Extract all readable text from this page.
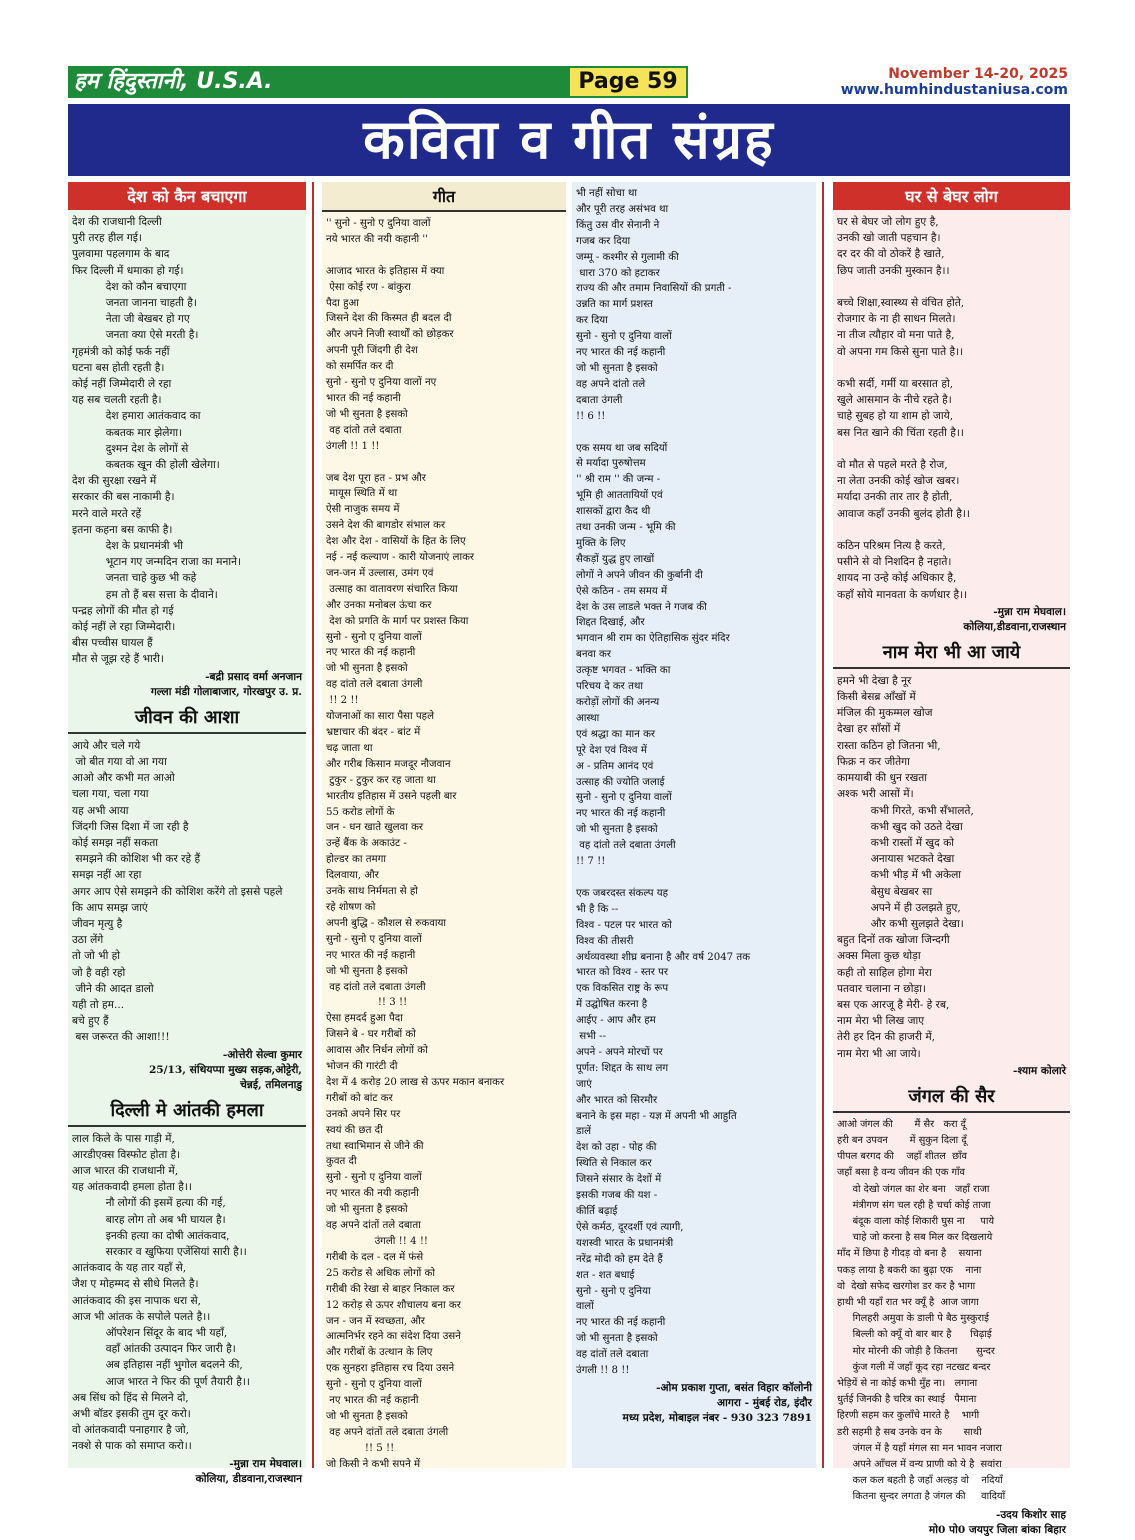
हम हिंदुस्तानी, U.S.A.	Page 59	November 14-20, 2025
www.humhindustaniusa.com
कविता व गीत संग्रह
देश को कैन बचाएगा
देश की राजधानी दिल्ली
पुरी तरह हील गई।
पुलवामा पहलगाम के बाद
फिर दिल्ली में धमाका हो गई।
देश को कौन बचाएगा
जनता जानना चाहती है।
नेता जी बेखबर हो गए
जनता क्या ऐसे मरती है।
गृहमंत्री को कोई फर्क नहीं
घटना बस होती रहती है।
कोई नहीं जिम्मेदारी ले रहा
यह सब चलती रहती है।
देश हमारा आतंकवाद का
कबतक मार झेलेगा।
दुश्मन देश के लोगों से
कबतक खून की होली खेलेगा।
देश की सुरक्षा रखने में
सरकार की बस नाकामी है।
मरने वाले मरते रहें
इतना कहना बस काफी है।
देश के प्रधानमंत्री भी
भूटान गए जन्मदिन राजा का मनाने।
जनता चाहे कुछ भी कहे
हम तो हैं बस सत्ता के दीवाने।
पन्द्रह लोगों की मौत हो गई
कोई नहीं ले रहा जिम्मेदारी।
बीस पच्चीस घायल हैं
मौत से जूझ रहे हैं भारी।
-बद्री प्रसाद वर्मा अनजान
गल्ला मंडी गोलाबाजार, गोरखपुर उ. प्र.
जीवन की आशा
आये और चले गये
जो बीत गया वो आ गया
आओ और कभी मत आओ
चला गया, चला गया
यह अभी आया
जिंदगी जिस दिशा में जा रही है
कोई समझ नहीं सकता
समझने की कोशिश भी कर रहे हैं
समझ नहीं आ रहा
अगर आप ऐसे समझने की कोशिश करेंगे तो इससे पहले
कि आप समझ जाएं
जीवन मृत्यु है
उठा लेंगे
तो जो भी हो
जो है वही रहो
जीने की आदत डालो
यही तो हम...
बचे हुए हैं
बस जरूरत की आशा!!!
-ओत्तेरी सेल्वा कुमार
25/13, संथियप्पा मुख्य सड़क,ओट्टेरी,
चेन्नई, तमिलनाडु
दिल्ली मे आंतकी हमला
लाल किले के पास गाड़ी में,
आरडीएक्स विस्फोट होता है।
आज भारत की राजधानी में,
यह आंतकवादी हमला होता है।।
नौ लोगों की इसमें हत्या की गई,
बारह लोग तो अब भी घायल है।
इनकी हत्या का दोषी आतंकवाद,
सरकार व खुफिया एजेंसियां सारी है।।
आतंकवाद के यह तार यहाँ से,
जैश ए मोहम्मद से सीधे मिलते है।
आतंकवाद की इस नापाक धरा से,
आज भी आंतक के सपोले पलते है।।
ऑपरेशन सिंदूर के बाद भी यहाँ,
वहाँ आंतकी उत्पादन फिर जारी है।
अब इतिहास नहीं भुगोल बदलने की,
आज भारत ने फिर की पूर्ण तैयारी है।।
अब सिंध को हिंद से मिलने दो,
अभी बॉडर इसकी तुम दूर करो।
वो आंतकवादी पनाहगार है जो,
नक्शे से पाक को समाप्त करो।।
-मुन्ना राम मेघवाल।
कोलिया, डीडवाना,राजस्थान
गीत
'' सुनो - सुनो ए दुनिया वालों
नये भारत की नयी कहानी ''

आजाद भारत के इतिहास में क्या
ऐसा कोई रण - बांकुरा
पैदा हुआ
जिसने देश की किस्मत ही बदल दी
और अपने निजी स्वार्थों को छोड़कर
अपनी पूरी जिंदगी ही देश
को समर्पित कर दी
सुनो - सुनो ए दुनिया वालों नए
भारत की नई कहानी
जो भी सुनता है इसको
वह दांतो तले दबाता
उंगली !! 1 !!

जब देश पूरा हत - प्रभ और
मायूस स्थिति में था
ऐसी नाजुक समय में
उसने देश की बागडोर संभाल कर
देश और देश - वासियों के हित के लिए
नई - नई कल्याण - कारी योजनाएं लाकर
जन-जन में उल्लास, उमंग एवं
उत्साह का वातावरण संचारित किया
और उनका मनोबल ऊंचा कर
देश को प्रगति के मार्ग पर प्रशस्त किया
सुनो - सुनो ए दुनिया वालों
नए भारत की नई कहानी
जो भी सुनता है इसको
वह दांतो तले दबाता उंगली
!! 2 !!
योजनाओं का सारा पैसा पहले
भ्रष्टाचार की बंदर - बांट में
चढ़ जाता था
और गरीब किसान मजदूर नौजवान
टुकुर - टुकुर कर रह जाता था
भारतीय इतिहास में उसने पहली बार
55 करोड लोगों के
जन - धन खाते खुलवा कर
उन्हें बैंक के अकाउंट -
होल्डर का तमगा
दिलवाया, और
उनके साथ निर्ममता से हो
रहे शोषण को
अपनी बुद्धि - कौशल से रुकवाया
सुनो - सुनो ए दुनिया वालों
नए भारत की नई कहानी
जो भी सुनता है इसको
वह दांतो तले दबाता उंगली
!! 3 !!
ऐसा हमदर्द हुआ पैदा
जिसने बे - घर गरीबों को
आवास और निर्धन लोगों को
भोजन की गारंटी दी
देश में 4 करोड़ 20 लाख से ऊपर मकान बनाकर
गरीबों को बांट कर
उनको अपने सिर पर
स्वयं की छत दी
तथा स्वाभिमान से जीने की
कुवत दी
सुनो - सुनो ए दुनिया वालों
नए भारत की नयी कहानी
जो भी सुनता है इसको
वह अपने दांतों तले दबाता
उंगली !! 4 !!
गरीबी के दल - दल में फंसे
25 करोड से अधिक लोगों को
गरीबी की रेखा से बाहर निकाल कर
12 करोड़ से ऊपर शौचालय बना कर
जन - जन में स्वच्छता, और
आत्मनिर्भर रहने का संदेश दिया उसने
और गरीबों के उत्थान के लिए
एक सुनहरा इतिहास रच दिया उसने
सुनो - सुनो ए दुनिया वालों
नए भारत की नई कहानी
जो भी सुनता है इसको
वह अपने दांतों तले दबाता उंगली
!! 5 !!
जो किसी ने कभी सपने में
भी नहीं सोचा था
और पूरी तरह असंभव था
किंतु उस वीर सेनानी ने
गजब कर दिया
जम्मू - कश्मीर से गुलामी की
धारा 370 को हटाकर
राज्य की और तमाम निवासियों की प्रगती -
उन्नति का मार्ग प्रशस्त
कर दिया
सुनो - सुनो ए दुनिया वालों
नए भारत की नई कहानी
जो भी सुनता है इसको
वह अपने दांतो तले
दबाता उंगली
!! 6 !!

एक समय था जब सदियों
से मर्यादा पुरुषोत्तम
'' श्री राम '' की जन्म -
भूमि ही आततायियों एवं
शासकों द्वारा कैद थी
तथा उनकी जन्म - भूमि की
मुक्ति के लिए
सैकड़ों युद्ध हुए लाखों
लोगों ने अपने जीवन की कुर्बानी दी
ऐसे कठिन - तम समय में
देश के उस लाडले भक्त ने गजब की
शिद्दत दिखाई, और
भगवान श्री राम का ऐतिहासिक सुंदर मंदिर
बनवा कर
उत्कृष्ट भगवत - भक्ति का
परिचय दे कर तथा
करोड़ों लोगों की अनन्य
आस्था
एवं श्रद्धा का मान कर
पूरे देश एवं विश्व में
अ - प्रतिम आनंद एवं
उत्साह की ज्योति जलाई
सुनो - सुनो ए दुनिया वालों
नए भारत की नई कहानी
जो भी सुनता है इसको
वह दांतो तले दबाता उंगली
!! 7 !!

एक जबरदस्त संकल्प यह
भी है कि --
विश्व - पटल पर भारत को
विश्व की तीसरी
अर्थव्यवस्था शीघ्र बनाना है और वर्ष 2047 तक
भारत को विश्व - स्तर पर
एक विकसित राष्ट्र के रूप
में उद्घोषित करना है
आईए - आप और हम
सभी --
अपने - अपने मोरचों पर
पूर्णत: शिद्दत के साथ लग
जाएं
और भारत को सिरमौर
बनाने के इस महा - यज्ञ में अपनी भी आहुति
डालें
देश को उहा - पोह की
स्थिति से निकाल कर
जिसने संसार के देशों में
इसकी गजब की यश -
कीर्ति बढ़ाई
ऐसे कर्मठ, दूरदर्शी एवं त्यागी,
यशस्वी भारत के प्रधानमंत्री
नरेंद्र मोदी को हम देते हैं
शत - शत बधाई
सुनो - सुनो ए दुनिया
वालों
नए भारत की नई कहानी
जो भी सुनता है इसको
वह दांतों तले दबाता
उंगली !! 8 !!
-ओम प्रकाश गुप्ता, बसंत विहार कॉलोनी
आगरा - मुंबई रोड, इंदौर
मध्य प्रदेश, मोबाइल नंबर - 930 323 7891
घर से बेघर लोग
घर से बेघर जो लोग हुए है,
उनकी खो जाती पहचान है।
दर दर की वो ठोकरें है खाते,
छिप जाती उनकी मुस्कान है।।

बच्चे शिक्षा,स्वास्थ्य से वंचित होते,
रोजगार के ना ही साधन मिलते।
ना तीज त्यौहार वो मना पाते है,
वो अपना गम किसे सुना पाते है।।

कभी सर्दी, गर्मी या बरसात हो,
खुले आसमान के नीचे रहते है।
चाहे सुबह हो या शाम हो जाये,
बस नित खाने की चिंता रहती है।।

वो मौत से पहले मरते है रोज,
ना लेता उनकी कोई खोज खबर।
मर्यादा उनकी तार तार है होती,
आवाज कहाँ उनकी बुलंद होती है।।

कठिन परिश्रम नित्य है करते,
पसीने से वो निशदिन है नहाते।
शायद ना उन्हे कोई अधिकार है,
कहाँ सोये मानवता के कर्णधार है।।
-मुन्ना राम मेघवाल।
कोलिया,डीडवाना,राजस्थान
नाम मेरा भी आ जाये
हमने भी देखा है नूर
किसी बेसब्र आँखों में
मंजिल की मुकम्मल खोज
देखा हर साँसों में
रास्ता कठिन हो जितना भी,
फिक्र न कर जीतेगा
कामयाबी की धुन रखता
अश्क भरी आसों में।
कभी गिरते, कभी सँभालते,
कभी खुद को उठते देखा
कभी रास्तों में खुद को
अनायास भटकते देखा
कभी भीड़ में भी अकेला
बेसुध बेखबर सा
अपने में ही उलझते हुए,
और कभी सुलझते देखा।
बहुत दिनों तक खोजा जिन्दगी
अक्स मिला कुछ थोड़ा
कही तो साहिल होगा मेरा
पतवार चलाना न छोड़ा।
बस एक आरजू है मेरी- हे रब,
नाम मेरा भी लिख जाए
तेरी हर दिन की हाजरी में,
नाम मेरा भी आ जाये।
-श्याम कोलारे
जंगल की सैर
आओ जंगल की       मैं सैर   करा दूँ
हरी बन उपवन       में सुकुन दिला दूँ
पीपल बरगद की    जहाँ शीतल  छाँव
जहाँ बसा है वन्य जीवन की एक गाँव
वो देखो जंगल का शेर बना   जहाँ राजा
मंत्रीगण संग चल रही है चर्चा कोई ताजा
बंदूक वाला कोई शिकारी घुस ना     पाये
चाहे जो करना है सब मिल कर दिखलाये
माँद में छिपा है गीदड़ वो बना है    सयाना
पकड़ लाया है बकरी का बुढ़ा एक    नाना
वो  देखो सफेद खरगोश डर कर है भागा
हाथी भी यहाँ रात भर क्यूँ है  आज जागा
गिलहरी अमुवा के डाली पे बैठ मुस्कुराई
बिल्ली को क्यूँ वो बार बार है      चिढ़ाई
मोर मोरनी की जोड़ी है कितना      सुन्दर
कुंज गली में जहाँ कूद रहा नटखट बन्दर
भेड़ियें से ना कोई कभी मुँह ना।   लगाना
धुर्तई जिनकी है चरित्र का स्थाई   पैमाना
हिरणी सहम कर कुलाँचे मारते है    भागी
डरी सहमी है सब उनके वन के       साथी
जंगल में है यहाँ मंगल सा मन भावन नजारा
अपने आँचल में वन्य प्राणी को ये है  सवांरा
कल कल बहती है जहाँ अल्हड़ वो    नदियाँ
कितना सुन्दर लगता है जंगल की     वादियाँ
-उदय किशोर साह
मो0 पो0 जयपुर जिला बांका बिहार
